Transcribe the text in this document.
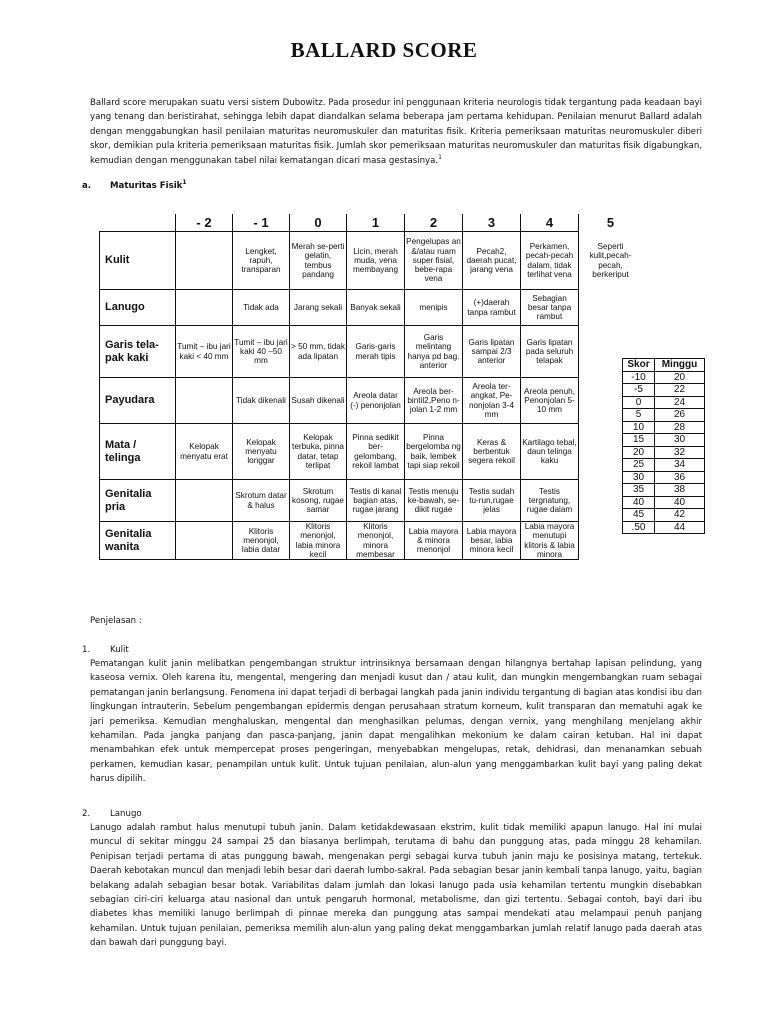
BALLARD SCORE
Ballard score merupakan suatu versi sistem Dubowitz. Pada prosedur ini penggunaan kriteria neurologis tidak tergantung pada keadaan bayi yang tenang dan beristirahat, sehingga lebih dapat diandalkan selama beberapa jam pertama kehidupan. Penilaian menurut Ballard adalah dengan menggabungkan hasil penilaian maturitas neuromuskuler dan maturitas fisik. Kriteria pemeriksaan maturitas neuromuskuler diberi skor, demikian pula kriteria pemeriksaan maturitas fisik. Jumlah skor pemeriksaan maturitas neuromuskuler dan maturitas fisik digabungkan, kemudian dengan menggunakan tabel nilai kematangan dicari masa gestasinya.$^1$
a. Maturitas Fisik$^1$
	- 2	- 1	0	1	2	3	4	5
Kulit		Lengket, rapuh, transparan	Merah se-perti gelatin, tembus pandang	Licin, merah muda, vena membayang	Pengelupas an &/atau ruam super fisial, bebe-rapa vena	Pecah2, daerah pucat, jarang vena	Perkamen, pecah-pecah dalam, tidak terlihat vena	Seperti kulit,pecah-pecah, berkeriput
Lanugo		Tidak ada	Jarang sekali	Banyak sekali	menipis	(+)daerah tanpa rambut	Sebagian besar tanpa rambut	
Garis tela-pak kaki	Tumit – ibu jari kaki < 40 mm	Tumit – ibu jari kaki 40 –50 mm	> 50 mm, tidak ada lipatan	Garis-garis merah tipis	Garis melintang hanya pd bag. anterior	Garis lipatan sampai 2/3 anterior	Garis lipatan pada seluruh telapak	
Payudara		Tidak dikenali	Susah dikenali	Areola datar (-) penonjolan	Areola ber-bintil2,Peno n-jolan 1-2 mm	Areola ter-angkat, Pe-nonjolan 3-4 mm	Areola penuh, Penonjolan 5- 10 mm	
Mata / telinga	Kelopak menyatu erat	Kelopak menyatu longgar	Kelopak terbuka, pinna datar, tetap terlipat	Pinna sedikit ber-gelombang, rekoil lambat	Pinna bergelomba ng baik, lembek tapi siap rekoil	Keras & berbentuk segera rekoil	Kartilago tebal, daun telinga kaku	
Genitalia pria		Skrotum datar & halus	Skrotum kosong, rugae samar	Testis di kanal bagian atas, rugae jarang	Testis menuju ke-bawah, se-dikit rugae	Testis sudah tu-run,rugae jelas	Testis tergnatung, rugae dalam	
Genitalia wanita		Klitoris menonjol, labia datar	Klitoris menonjol, labia minora kecil	Klitoris menonjol, minora membesar	Labia mayora & minora menonjol	Labia mayora besar, labia minora kecil	Labia mayora menutupi klitoris & labia minora	
Skor	Minggu
-10	20
-5	22
0	24
5	26
10	28
15	30
20	32
25	34
30	36
35	38
40	40
45	42
.50	44
Penjelasan :
1. Kulit
Pematangan kulit janin melibatkan pengembangan struktur intrinsiknya bersamaan dengan hilangnya bertahap lapisan pelindung, yang kaseosa vernix. Oleh karena itu, mengental, mengering dan menjadi kusut dan / atau kulit, dan mungkin mengembangkan ruam sebagai pematangan janin berlangsung. Fenomena ini dapat terjadi di berbagai langkah pada janin individu tergantung di bagian atas kondisi ibu dan lingkungan intrauterin. Sebelum pengembangan epidermis dengan perusahaan stratum korneum, kulit transparan dan mematuhi agak ke jari pemeriksa. Kemudian menghaluskan, mengental dan menghasilkan pelumas, dengan vernix, yang menghilang menjelang akhir kehamilan. Pada jangka panjang dan pasca-panjang, janin dapat mengalihkan mekonium ke dalam cairan ketuban. Hal ini dapat menambahkan efek untuk mempercepat proses pengeringan, menyebabkan mengelupas, retak, dehidrasi, dan menanamkan sebuah perkamen, kemudian kasar, penampilan untuk kulit. Untuk tujuan penilaian, alun-alun yang menggambarkan kulit bayi yang paling dekat harus dipilih.
2. Lanugo
Lanugo adalah rambut halus menutupi tubuh janin. Dalam ketidakdewasaan ekstrim, kulit tidak memiliki apapun lanugo. Hal ini mulai muncul di sekitar minggu 24 sampai 25 dan biasanya berlimpah, terutama di bahu dan punggung atas, pada minggu 28 kehamilan. Penipisan terjadi pertama di atas punggung bawah, mengenakan pergi sebagai kurva tubuh janin maju ke posisinya matang, tertekuk. Daerah kebotakan muncul dan menjadi lebih besar dari daerah lumbo-sakral. Pada sebagian besar janin kembali tanpa lanugo, yaitu, bagian belakang adalah sebagian besar botak. Variabilitas dalam jumlah dan lokasi lanugo pada usia kehamilan tertentu mungkin disebabkan sebagian ciri-ciri keluarga atau nasional dan untuk pengaruh hormonal, metabolisme, dan gizi tertentu. Sebagai contoh, bayi dari ibu diabetes khas memiliki lanugo berlimpah di pinnae mereka dan punggung atas sampai mendekati atau melampaui penuh panjang kehamilan. Untuk tujuan penilaian, pemeriksa memilih alun-alun yang paling dekat menggambarkan jumlah relatif lanugo pada daerah atas dan bawah dari punggung bayi.
